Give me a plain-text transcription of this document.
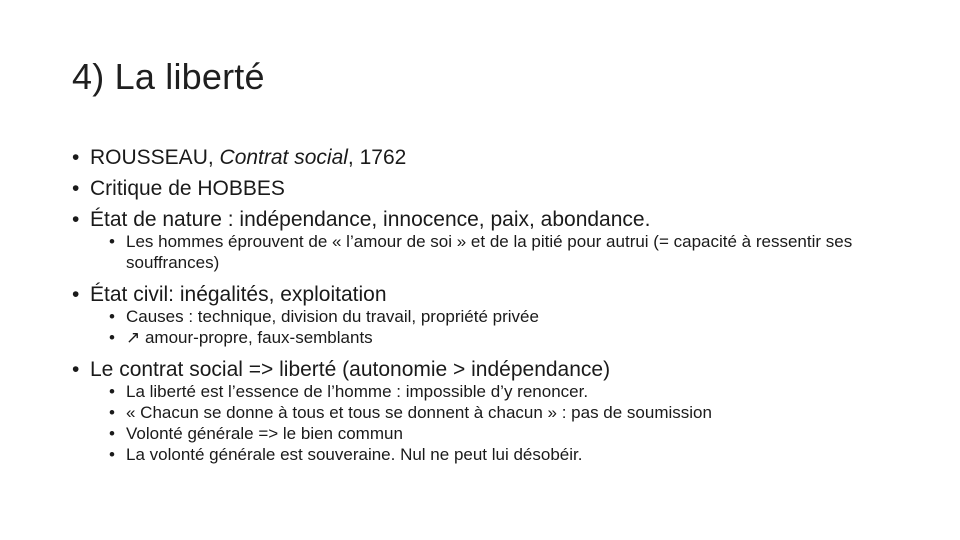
4) La liberté
• ROUSSEAU, Contrat social, 1762
• Critique de HOBBES
• État de nature : indépendance, innocence, paix, abondance.
• Les hommes éprouvent de « l’amour de soi » et de la pitié pour autrui (= capacité à ressentir ses souffrances)
• État civil: inégalités, exploitation
• Causes : technique, division du travail, propriété privée
• ↗ amour-propre, faux-semblants
• Le contrat social => liberté (autonomie > indépendance)
• La liberté est l’essence de l’homme : impossible d’y renoncer.
• « Chacun se donne à tous et tous se donnent à chacun » : pas de soumission
• Volonté générale => le bien commun
• La volonté générale est souveraine. Nul ne peut lui désobéir.
